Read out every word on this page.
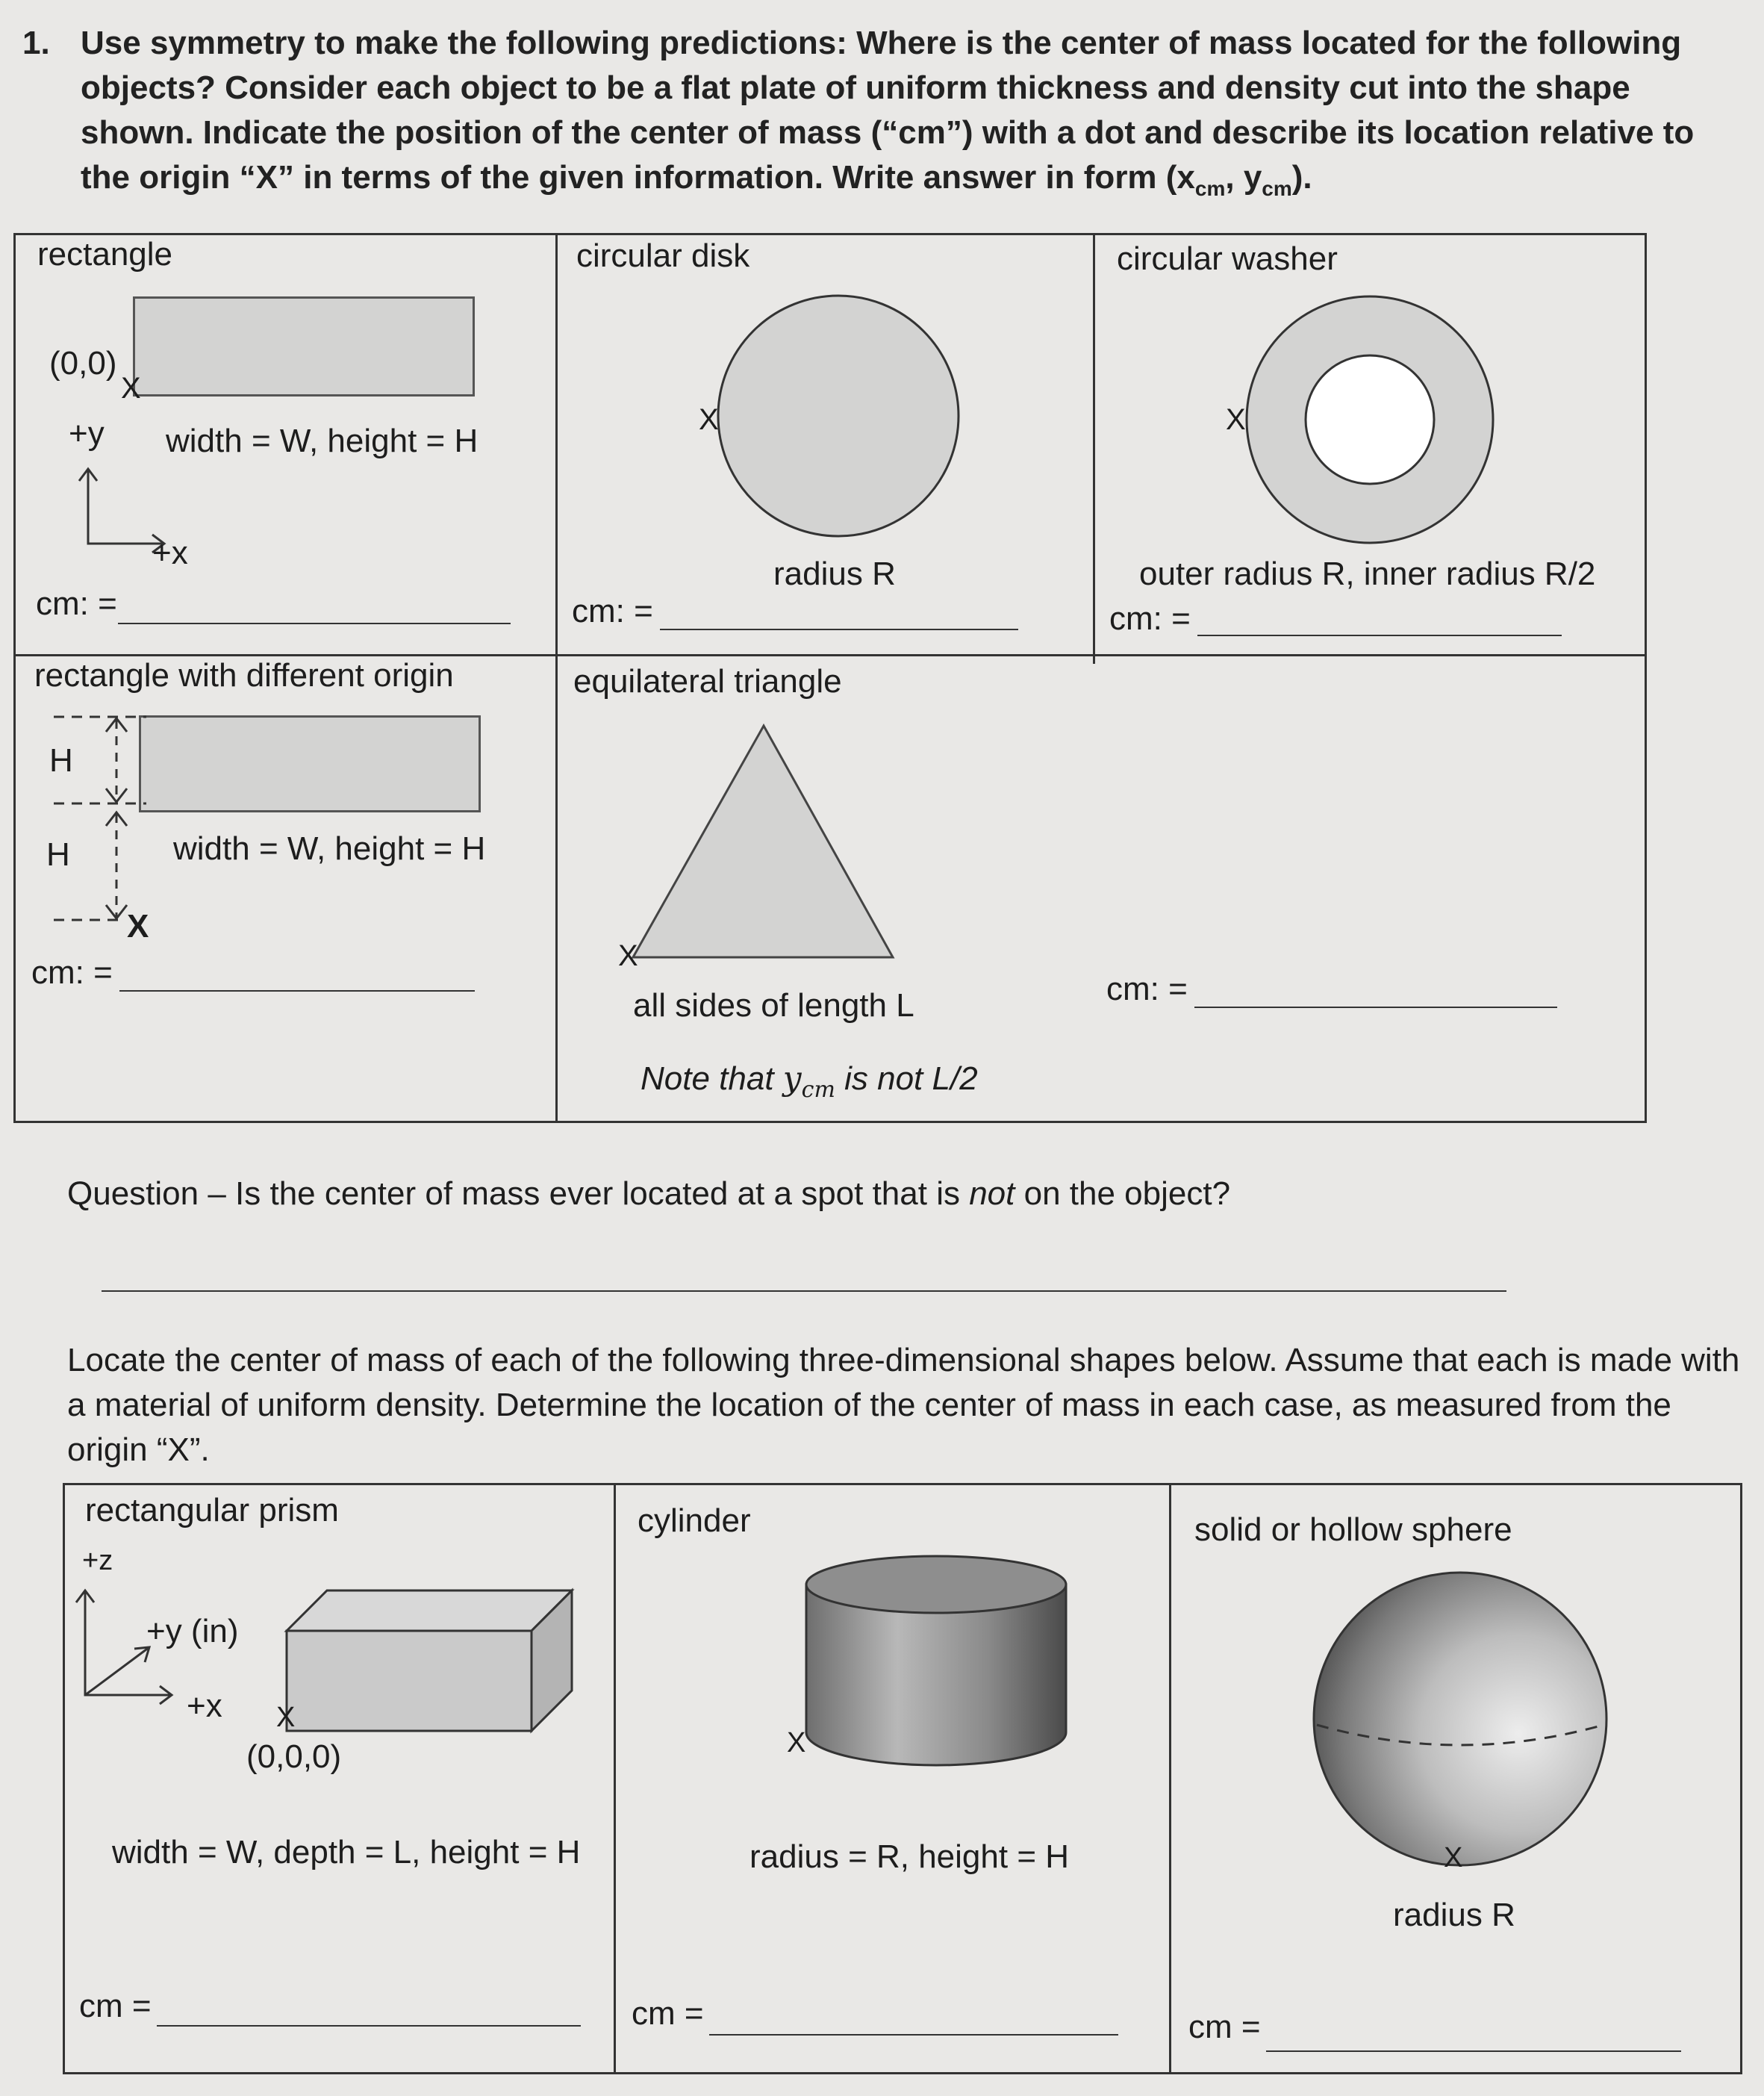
1. Use symmetry to make the following predictions: Where is the center of mass located for the following objects? Consider each object to be a flat plate of uniform thickness and density cut into the shape shown. Indicate the position of the center of mass (“cm”) with a dot and describe its location relative to the origin “X” in terms of the given information. Write answer in form ($x_{cm}$, $y_{cm}$).
rectangle
(0,0)
X
+y width = W, height = H
+x
cm: =
circular disk
X
radius R
cm: =
circular washer
X
outer radius R, inner radius R/2
cm: =
rectangle with different origin
H
H	width = W, height = H
X
cm: =
equilateral triangle
X
all sides of length L
Note that $y_{cm}$ is not L/2
cm: =
Question – Is the center of mass ever located at a spot that is not on the object?
Locate the center of mass of each of the following three-dimensional shapes below. Assume that each is made with a material of uniform density. Determine the location of the center of mass in each case, as measured from the origin “X”.
rectangular prism
+z
+y (in)
+x X
(0,0,0)
width = W, depth = L, height = H
cm =
cylinder
X
radius = R, height = H
cm =
solid or hollow sphere
X
radius R
cm =
